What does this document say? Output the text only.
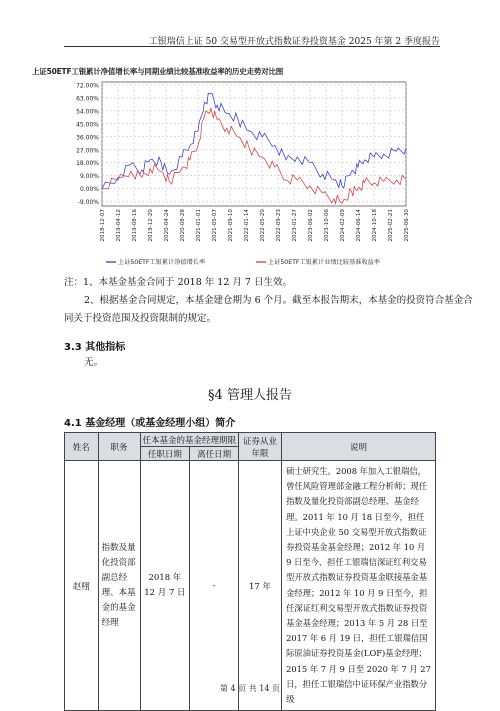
工银瑞信上证 50 交易型开放式指数证券投资基金 2025 年第 2 季度报告
上证50ETF工银累计净值增长率与同期业绩比较基准收益率的历史走势对比图
72.00%
63.00%
54.00%
45.00%
36.00%
27.00%
18.00%
9.00%
0.00%
-9.00%
2018-12-07 2019-04-12 2019-08-16 2019-12-20 2020-04-24 2020-08-28 2021-01-01 2021-05-07 2021-09-10 2022-01-14 2022-05-20 2022-09-23 2023-01-27 2023-06-02 2023-10-06 2024-02-09 2024-06-14 2024-10-18 2025-02-21 2025-06-30
上证50ETF工银累计净值增长率	上证50ETF工银累计业绩比较基准收益率
注：1、本基金基金合同于 2018 年 12 月 7 日生效。
2、根据基金合同规定，本基金建仓期为 6 个月。截至本报告期末，本基金的投资符合基金合
同关于投资范围及投资限制的规定。
3.3 其他指标
无。
§4 管理人报告
4.1 基金经理（或基金经理小组）简介
姓名	职务	任本基金的基金经理期限		证券从业年限	说明
		任职日期	离任日期		
赵栩	指数及量化投资部副总经理、本基金的基金经理	2018 年 12 月 7 日	-	17 年	硕士研究生。2008 年加入工银瑞信，曾任风险管理部金融工程分析师；现任指数及量化投资部副总经理、基金经理。2011 年 10 月 18 日至今，担任上证中央企业 50 交易型开放式指数证券投资基金基金经理；2012 年 10 月 9 日至今，担任工银瑞信深证红利交易型开放式指数证券投资基金联接基金基金经理；2012 年 10 月 9 日至今，担任深证红利交易型开放式指数证券投资基金基金经理；2013 年 5 月 28 日至 2017 年 6 月 19 日，担任工银瑞信国际原油证券投资基金(LOF)基金经理；2015 年 7 月 9 日至 2020 年 7 月 27 日，担任工银瑞信中证环保产业指数分级
第 4 页 共 14 页
